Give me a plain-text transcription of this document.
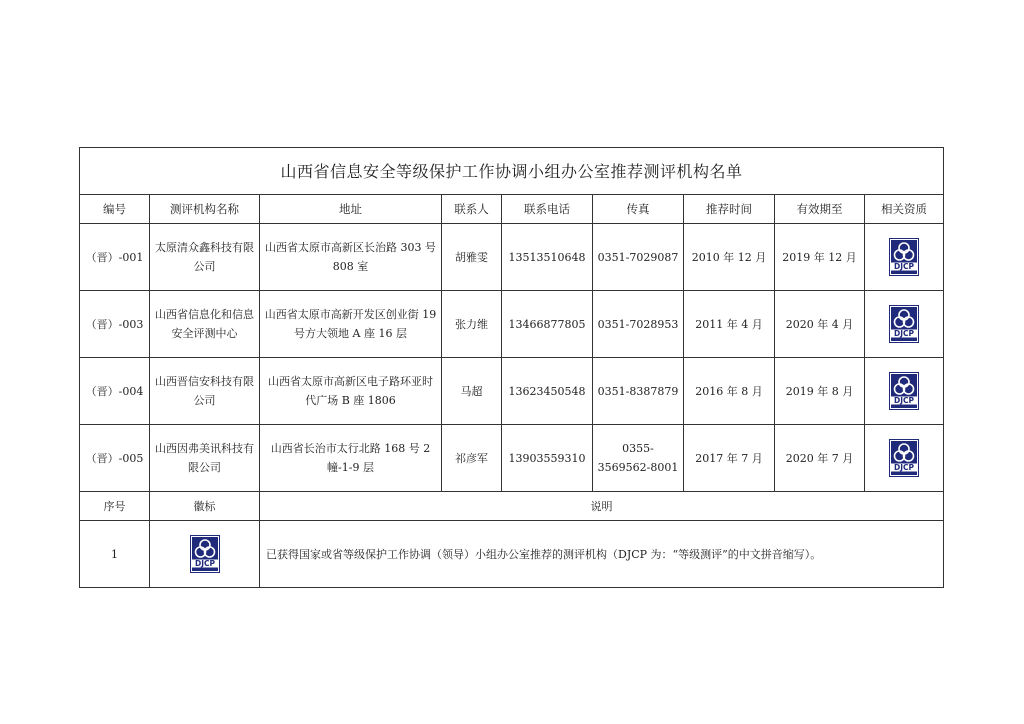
山西省信息安全等级保护工作协调小组办公室推荐测评机构名单								
编号	测评机构名称	地址	联系人	联系电话	传真	推荐时间	有效期至	相关资质
（晋）-001	太原清众鑫科技有限公司	山西省太原市高新区长治路 303 号 808 室	胡雅雯	13513510648	0351-7029087	2010 年 12 月	2019 年 12 月	DJCP

（晋）-003	山西省信息化和信息安全评测中心	山西省太原市高新开发区创业街 19 号方大领地 A 座 16 层	张力维	13466877805	0351-7028953	2011 年 4 月	2020 年 4 月	DJCP

（晋）-004	山西晋信安科技有限公司	山西省太原市高新区电子路环亚时代广场 B 座 1806	马超	13623450548	0351-8387879	2016 年 8 月	2019 年 8 月	DJCP

（晋）-005	山西因弗美讯科技有限公司	山西省长治市太行北路 168 号 2 幢-1-9 层	祁彦军	13903559310	0355-3569562-8001	2017 年 7 月	2020 年 7 月	DJCP

序号	徽标	说明						
1	DJCP	已获得国家或省等级保护工作协调（领导）小组办公室推荐的测评机构（DJCP 为：“等级测评”的中文拼音缩写）。						
